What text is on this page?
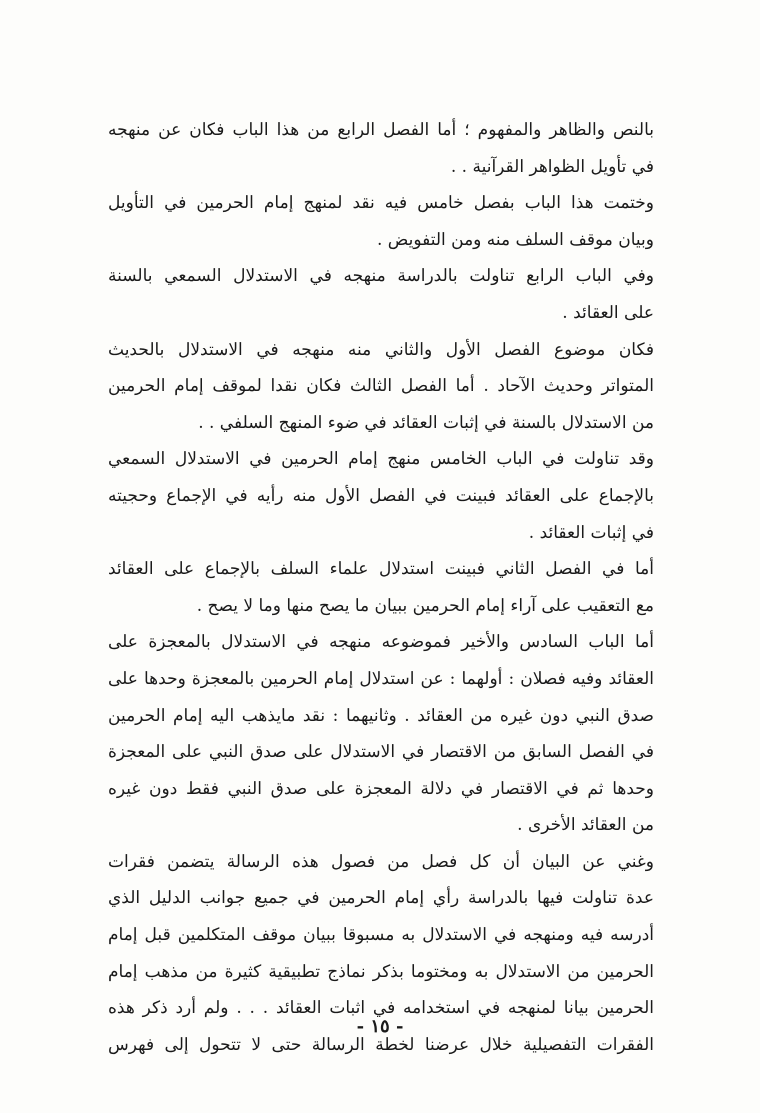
بالنص والظاهر والمفهوم ؛ أما الفصل الرابع من هذا الباب فكان عن منهجه
في تأويل الظواهر القرآنية . .
وختمت هذا الباب بفصل خامس فيه نقد لمنهج إمام الحرمين في التأويل
وبيان موقف السلف منه ومن التفويض .
وفي الباب الرابع تناولت بالدراسة منهجه في الاستدلال السمعي بالسنة
على العقائد .
فكان موضوع الفصل الأول والثاني منه منهجه في الاستدلال بالحديث
المتواتر وحديث الآحاد . أما الفصل الثالث فكان نقدا لموقف إمام الحرمين
من الاستدلال بالسنة في إثبات العقائد في ضوء المنهج السلفي . .
وقد تناولت في الباب الخامس منهج إمام الحرمين في الاستدلال السمعي
بالإجماع على العقائد فبينت في الفصل الأول منه رأيه في الإجماع وحجيته
في إثبات العقائد .
أما في الفصل الثاني فبينت استدلال علماء السلف بالإجماع على العقائد
مع التعقيب على آراء إمام الحرمين ببيان ما يصح منها وما لا يصح .
أما الباب السادس والأخير فموضوعه منهجه في الاستدلال بالمعجزة على
العقائد وفيه فصلان : أولهما : عن استدلال إمام الحرمين بالمعجزة وحدها على
صدق النبي دون غيره من العقائد . وثانيهما : نقد مايذهب اليه إمام الحرمين
في الفصل السابق من الاقتصار في الاستدلال على صدق النبي على المعجزة
وحدها ثم في الاقتصار في دلالة المعجزة على صدق النبي فقط دون غيره
من العقائد الأخرى .
وغني عن البيان أن كل فصل من فصول هذه الرسالة يتضمن فقرات
عدة تناولت فيها بالدراسة رأي إمام الحرمين في جميع جوانب الدليل الذي
أدرسه فيه ومنهجه في الاستدلال به مسبوقا ببيان موقف المتكلمين قبل إمام
الحرمين من الاستدلال به ومختوما بذكر نماذج تطبيقية كثيرة من مذهب إمام
الحرمين بيانا لمنهجه في استخدامه في اثبات العقائد . . . ولم أرد ذكر هذه
الفقرات التفصيلية خلال عرضنا لخطة الرسالة حتى لا تتحول إلى فهرس
- ١٥ -
